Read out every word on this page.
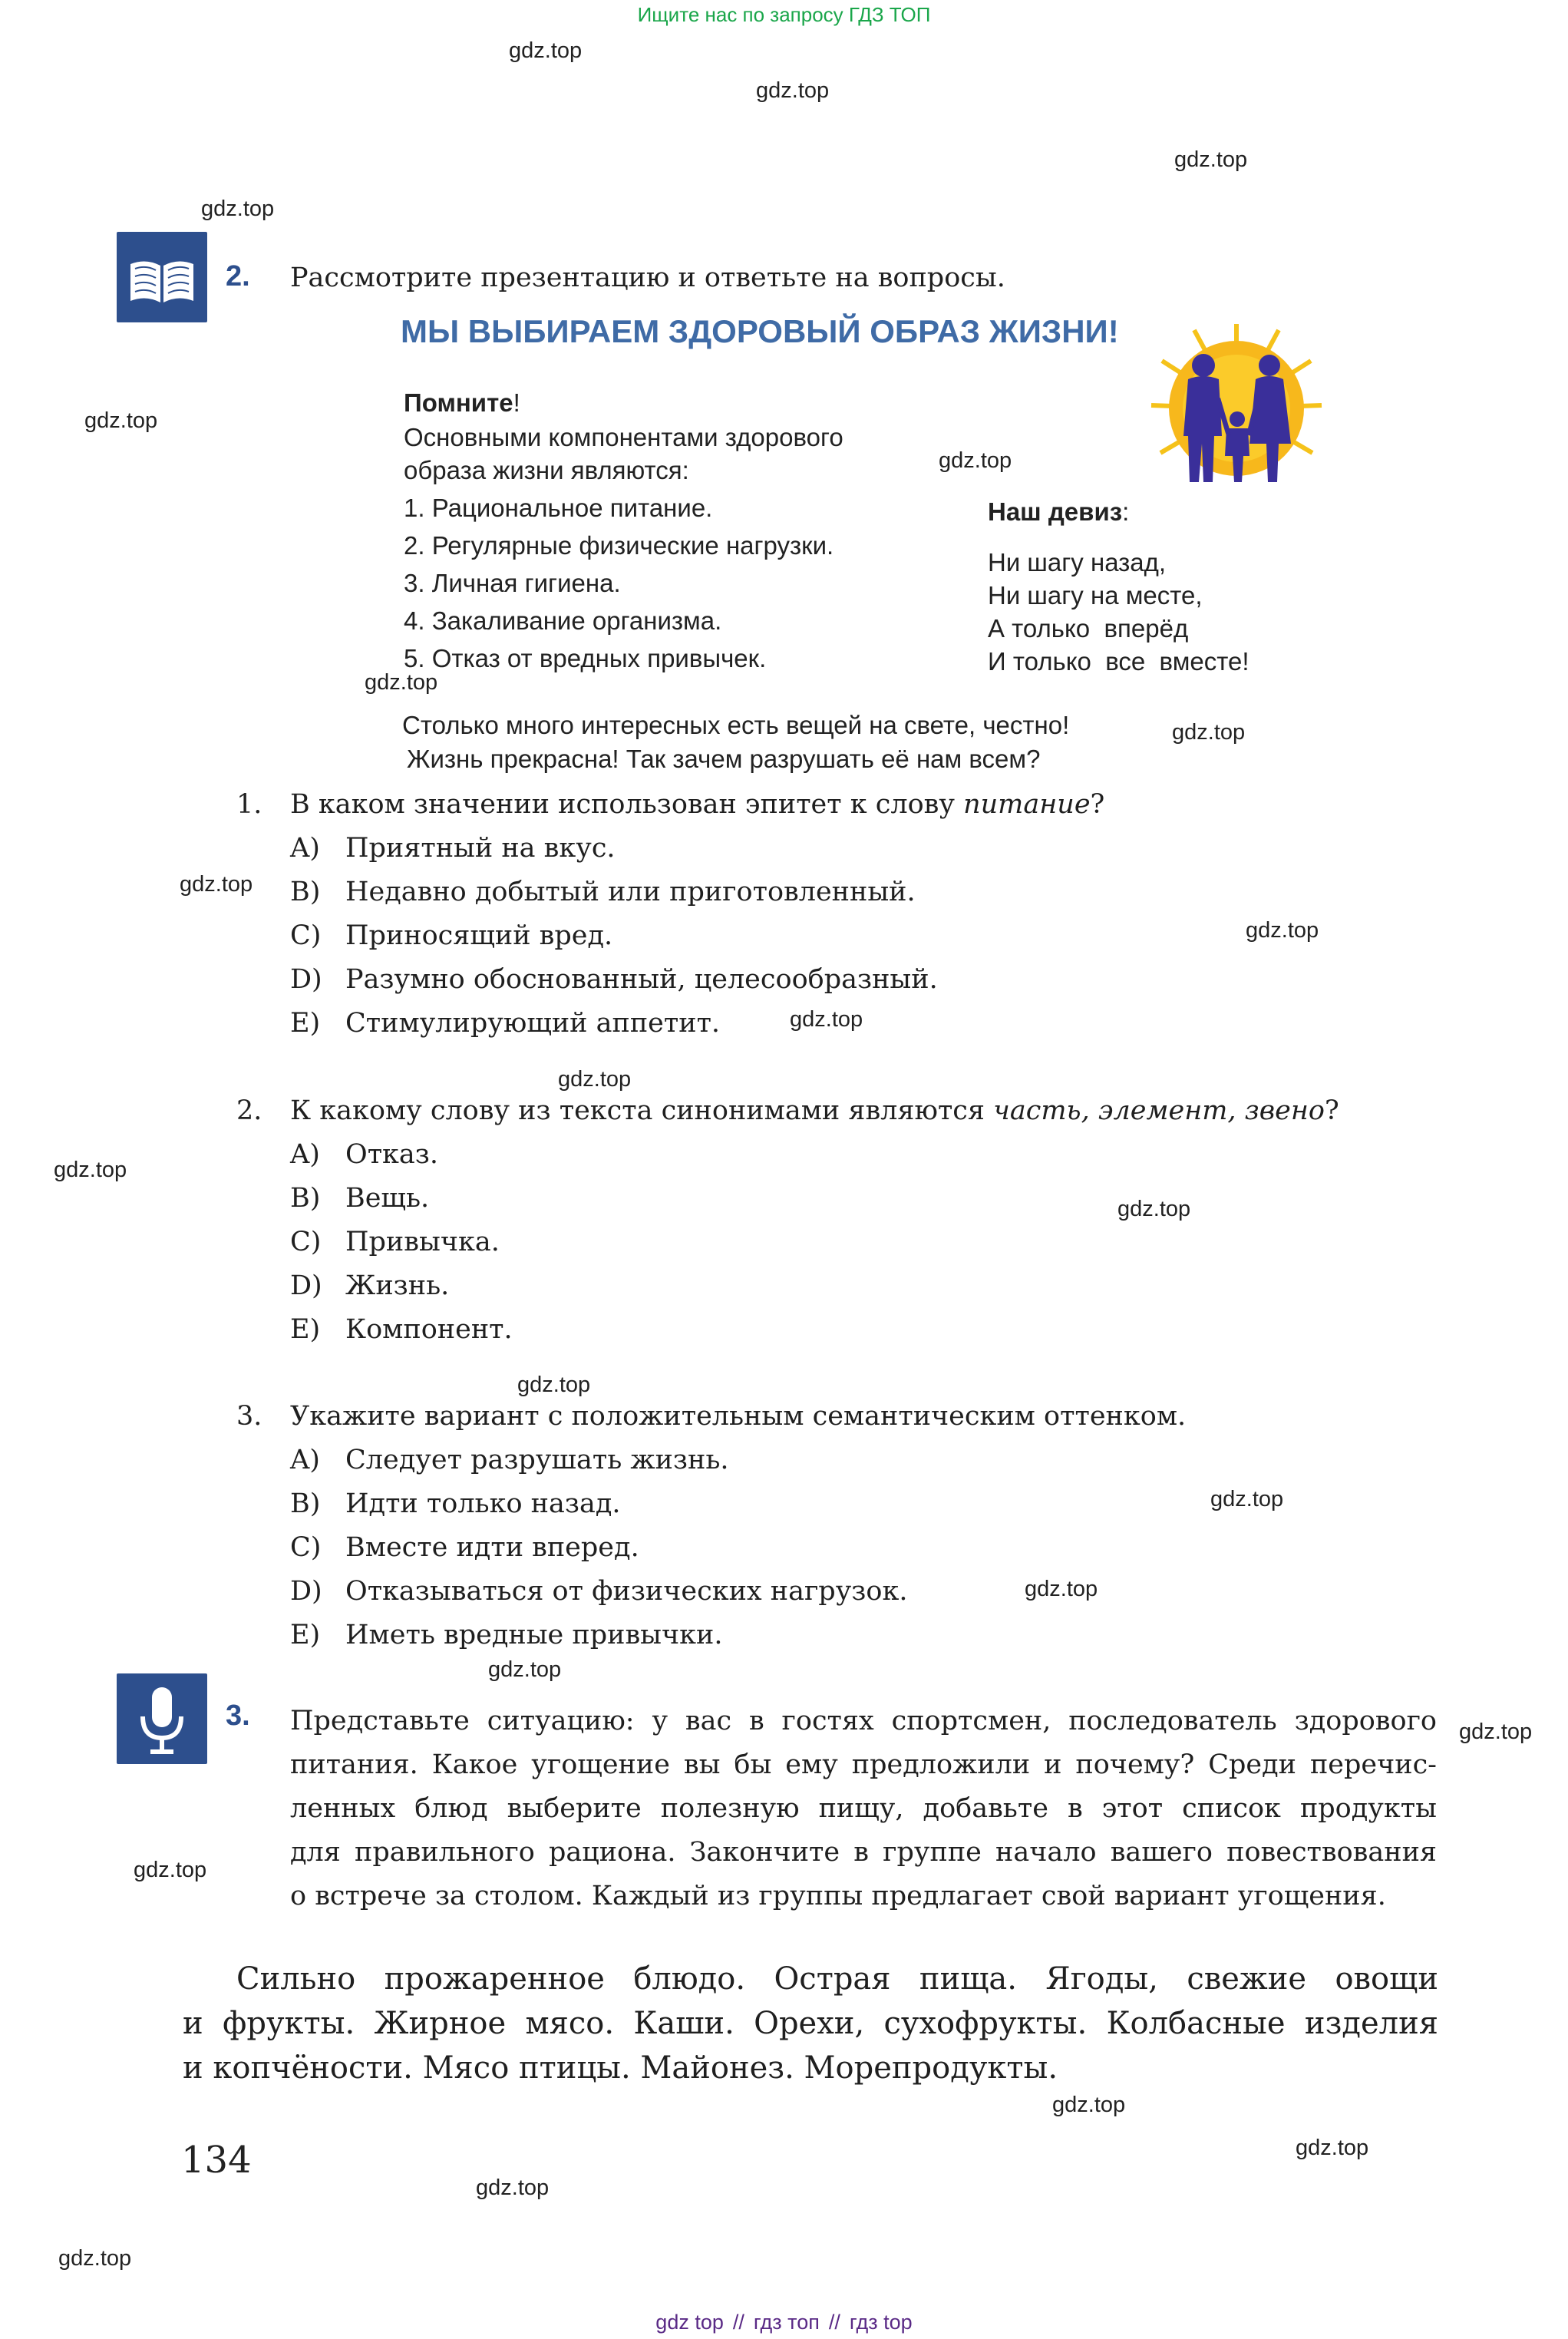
Ищите нас по запросу ГДЗ ТОП
gdz.top
gdz.top
gdz.top
gdz.top
gdz.top
gdz.top
gdz.top
gdz.top
gdz.top
gdz.top
gdz.top
gdz.top
gdz.top
gdz.top
gdz.top
gdz.top
gdz.top
gdz.top
gdz.top
gdz.top
gdz.top
gdz.top
gdz.top
gdz.top
2. Рассмотрите презентацию и ответьте на вопросы.
МЫ ВЫБИРАЕМ ЗДОРОВЫЙ ОБРАЗ ЖИЗНИ!
Помните!
Основными компонентами здорового
образа жизни являются:
1. Рациональное питание.
2. Регулярные физические нагрузки.
3. Личная гигиена.
4. Закаливание организма.
5. Отказ от вредных привычек.
Наш девиз:
Ни шагу назад,
Ни шагу на месте,
А только  вперёд
И только  все  вместе!
Столько много интересных есть вещей на свете, честно!
Жизнь прекрасна! Так зачем разрушать её нам всем?
1. В каком значении использован эпитет к слову питание?
A) Приятный на вкус.
B) Недавно добытый или приготовленный.
C) Приносящий вред.
D) Разумно обоснованный, целесообразный.
E) Стимулирующий аппетит.
2. К какому слову из текста синонимами являются часть, элемент, звено?
A) Отказ.
B) Вещь.
C) Привычка.
D) Жизнь.
E) Компонент.
3. Укажите вариант с положительным семантическим оттенком.
A) Следует разрушать жизнь.
B) Идти только назад.
C) Вместе идти вперед.
D) Отказываться от физических нагрузок.
E) Иметь вредные привычки.
3. Представьте ситуацию: у вас в гостях спортсмен, последователь здорового
питания. Какое угощение вы бы ему предложили и почему? Среди перечис-
ленных блюд выберите полезную пищу, добавьте в этот список продукты
для правильного рациона. Закончите в группе начало вашего повествования
о встрече за столом. Каждый из группы предлагает свой вариант угощения.
Сильно прожаренное блюдо. Острая пища. Ягоды, свежие овощи
и фрукты. Жирное мясо. Каши. Орехи, сухофрукты. Колбасные изделия
и копчёности. Мясо птицы. Майонез. Морепродукты.
134
gdz top // гдз топ // гдз top
